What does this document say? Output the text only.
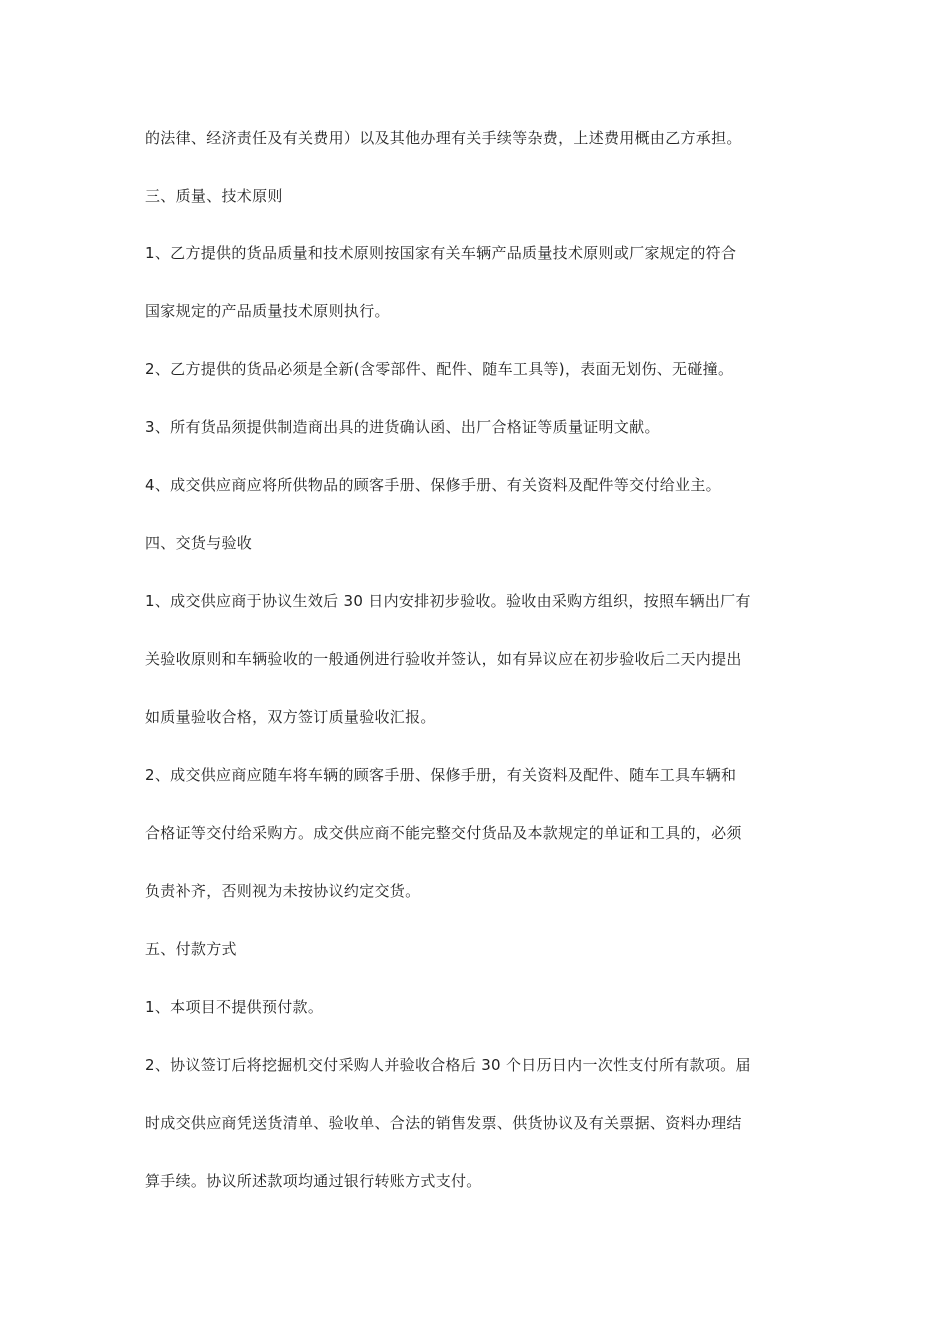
的法律、经济责任及有关费用）以及其他办理有关手续等杂费，上述费用概由乙方承担。
三、质量、技术原则
1、乙方提供的货品质量和技术原则按国家有关车辆产品质量技术原则或厂家规定的符合
国家规定的产品质量技术原则执行。
2、乙方提供的货品必须是全新(含零部件、配件、随车工具等)，表面无划伤、无碰撞。
3、所有货品须提供制造商出具的进货确认函、出厂合格证等质量证明文献。
4、成交供应商应将所供物品的顾客手册、保修手册、有关资料及配件等交付给业主。
四、交货与验收
1、成交供应商于协议生效后 30 日内安排初步验收。验收由采购方组织，按照车辆出厂有
关验收原则和车辆验收的一般通例进行验收并签认，如有异议应在初步验收后二天内提出
如质量验收合格，双方签订质量验收汇报。
2、成交供应商应随车将车辆的顾客手册、保修手册，有关资料及配件、随车工具车辆和
合格证等交付给采购方。成交供应商不能完整交付货品及本款规定的单证和工具的，必须
负责补齐，否则视为未按协议约定交货。
五、付款方式
1、本项目不提供预付款。
2、协议签订后将挖掘机交付采购人并验收合格后 30 个日历日内一次性支付所有款项。届
时成交供应商凭送货清单、验收单、合法的销售发票、供货协议及有关票据、资料办理结
算手续。协议所述款项均通过银行转账方式支付。
